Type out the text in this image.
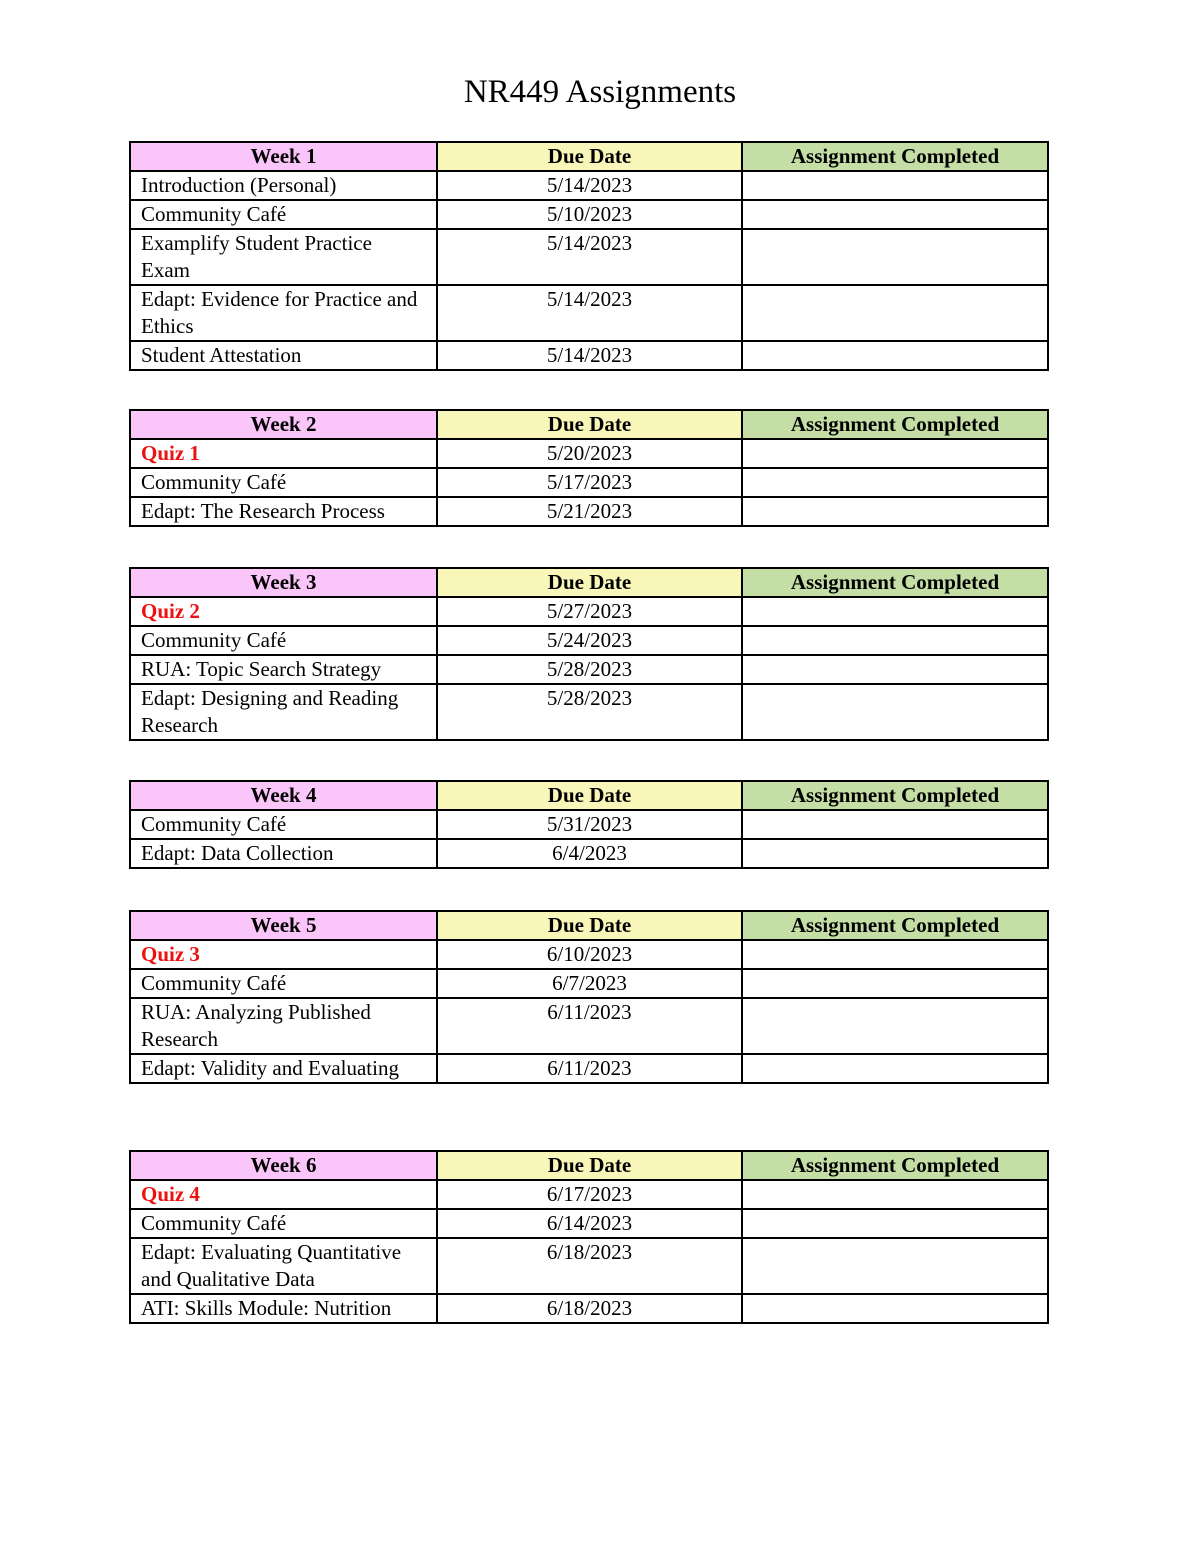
NR449 Assignments
Week 1	Due Date	Assignment Completed
Introduction (Personal)	5/14/2023	
Community Café	5/10/2023	
Examplify Student Practice Exam	5/14/2023	
Edapt: Evidence for Practice and Ethics	5/14/2023	
Student Attestation	5/14/2023	
Week 2	Due Date	Assignment Completed
Quiz 1	5/20/2023	
Community Café	5/17/2023	
Edapt: The Research Process	5/21/2023	
Week 3	Due Date	Assignment Completed
Quiz 2	5/27/2023	
Community Café	5/24/2023	
RUA: Topic Search Strategy	5/28/2023	
Edapt: Designing and Reading Research	5/28/2023	
Week 4	Due Date	Assignment Completed
Community Café	5/31/2023	
Edapt: Data Collection	6/4/2023	
Week 5	Due Date	Assignment Completed
Quiz 3	6/10/2023	
Community Café	6/7/2023	
RUA: Analyzing Published Research	6/11/2023	
Edapt: Validity and Evaluating	6/11/2023	
Week 6	Due Date	Assignment Completed
Quiz 4	6/17/2023	
Community Café	6/14/2023	
Edapt: Evaluating Quantitative and Qualitative Data	6/18/2023	
ATI: Skills Module: Nutrition	6/18/2023	
